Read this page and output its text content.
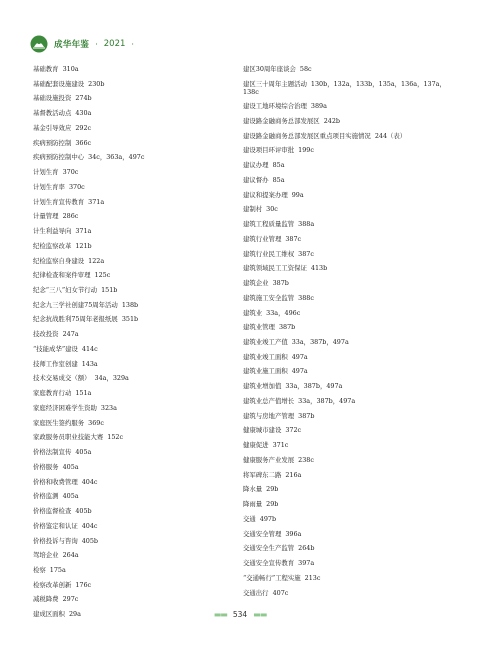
成华年鉴 · 2021 ·
基础教育 310a
基础配套设施建设 230b
基础设施投资 274b
基督教活动点 430a
基金引导效应 292c
疾病预防控制 366c
疾病预防控制中心 34c，363a，497c
计划生育 370c
计划生育率 370c
计划生育宣传教育 371a
计量管理 286c
计生利益导向 371a
纪检监察改革 121b
纪检监察自身建设 122a
纪律检查和案件审理 125c
纪念“三八”妇女节行动 151b
纪念九三学社创建75周年活动 138b
纪念抗战胜利75周年老报纸展 351b
技改投资 247a
“技能成华”建设 414c
技师工作室创建 143a
技术交易成交（额） 34a，329a
家庭教育行动 151a
家庭经济困难学生资助 323a
家庭医生签约服务 369c
家政服务员职业技能大赛 152c
价格法制宣传 405a
价格服务 405a
价格和收费管理 404c
价格监测 405a
价格监督检查 405b
价格鉴定和认证 404c
价格投诉与咨询 405b
驾培企业 264a
检察 175a
检察改革创新 176c
减税降费 297c
建成区面积 29a
建区30周年座谈会 58c
建区三十周年主题活动 130b，132a，133b，135a，136a，137a，138c
建设工地环境综合治理 389a
建设路金融商务总部发展区 242b
建设路金融商务总部发展区重点项目实施情况 244（表）
建设项目环评审批 199c
建议办理 85a
建议督办 85a
建议和提案办理 99a
建制村 30c
建筑工程质量监管 388a
建筑行业管理 387c
建筑行业民工维权 387c
建筑领域民工工资保证 413b
建筑企业 387b
建筑施工安全监管 388c
建筑业 33a，496c
建筑业管理 387b
建筑业竣工产值 33a，387b，497a
建筑业竣工面积 497a
建筑业施工面积 497a
建筑业增加值 33a，387b，497a
建筑业总产值增长 33a，387b，497a
建筑与房地产管理 387b
健康城市建设 372c
健康促进 371c
健康服务产业发展 238c
将军碑东二路 216a
降水量 29b
降雨量 29b
交通 497b
交通安全管理 396a
交通安全生产监管 264b
交通安全宣传教育 397a
“交通畅行”工程实施 213c
交通出行 407c
▬▬ 534 ▬▬
